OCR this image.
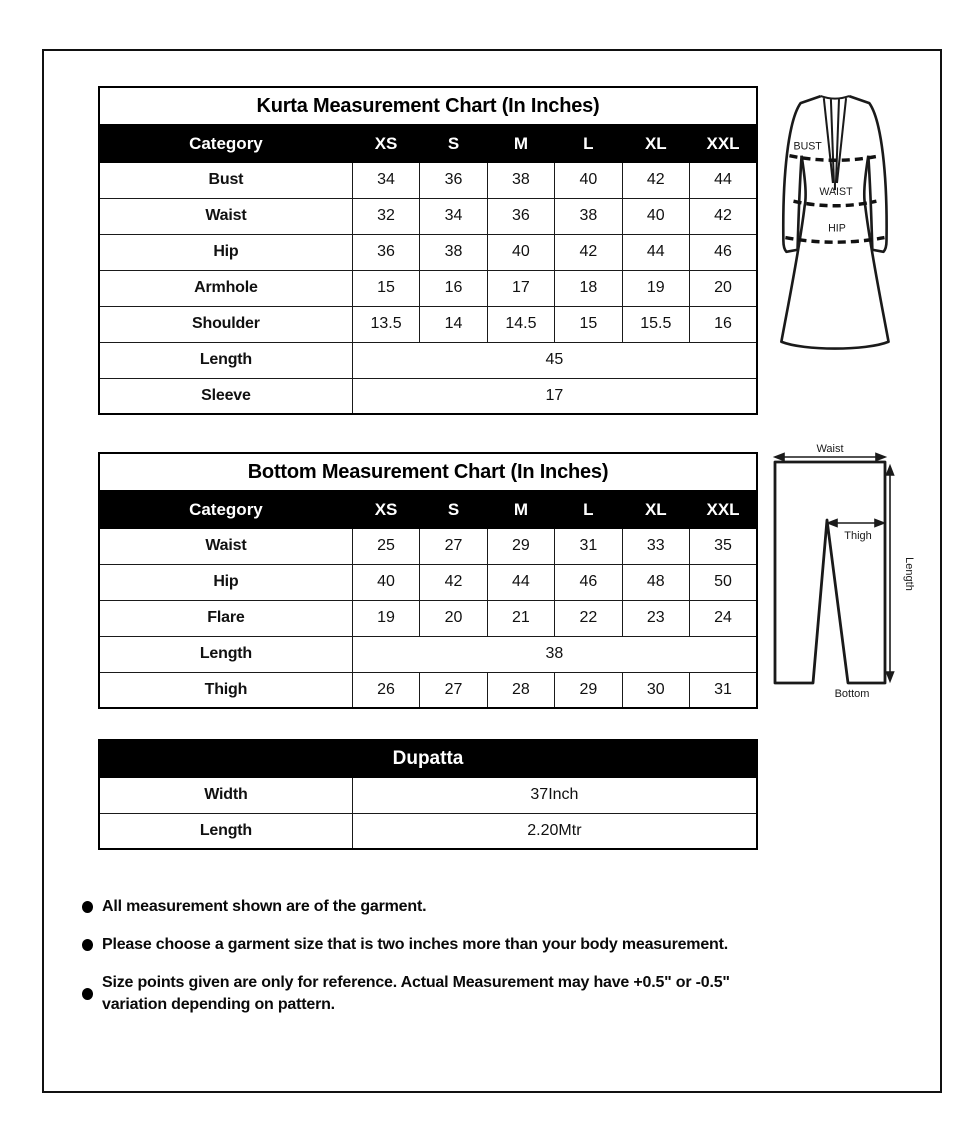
Kurta Measurement Chart (In Inches)						
Category	XS	S	M	L	XL	XXL
Bust	34	36	38	40	42	44
Waist	32	34	36	38	40	42
Hip	36	38	40	42	44	46
Armhole	15	16	17	18	19	20
Shoulder	13.5	14	14.5	15	15.5	16
Length	45					
Sleeve	17					
Bottom Measurement Chart (In Inches)						
Category	XS	S	M	L	XL	XXL
Waist	25	27	29	31	33	35
Hip	40	42	44	46	48	50
Flare	19	20	21	22	23	24
Length	38					
Thigh	26	27	28	29	30	31
Dupatta	
Width	37Inch
Length	2.20Mtr
BUST
WAIST
HIP
Waist
Thigh
Length
Bottom
All measurement shown are of the garment.
Please choose a garment size that is two inches more than your body measurement.
Size points given are only for reference. Actual Measurement may have +0.5" or -0.5" variation depending on pattern.
